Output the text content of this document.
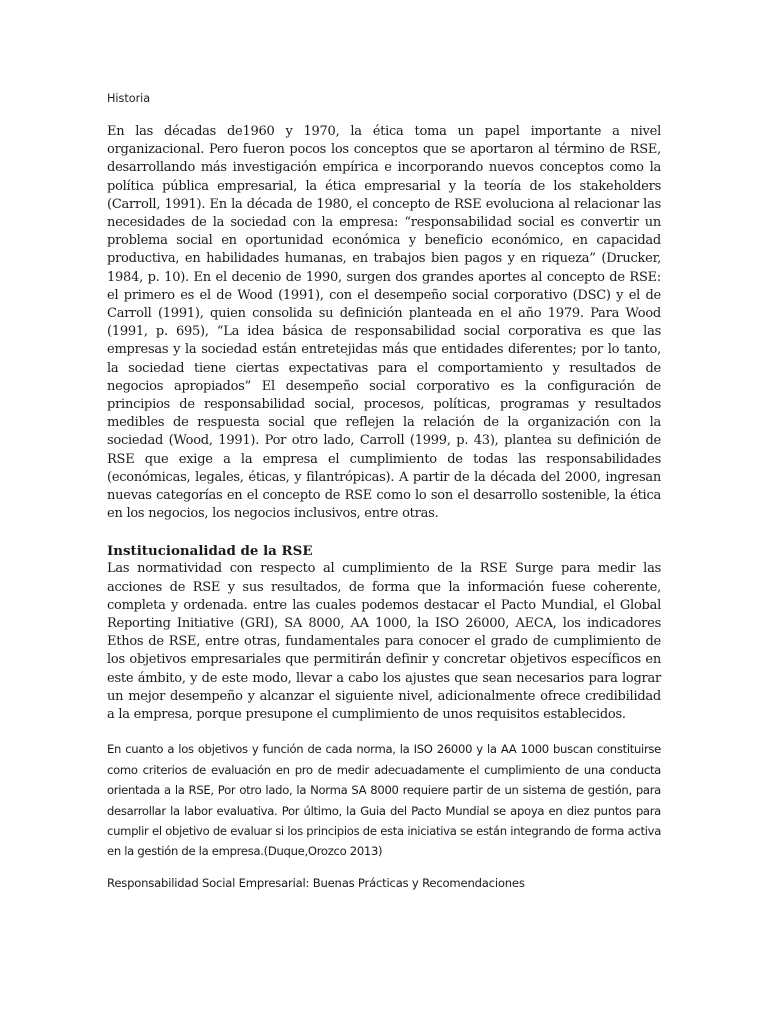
Historia

En las décadas de1960 y 1970, la ética toma un papel importante a nivel organizacional. Pero fueron pocos los conceptos que se aportaron al término de RSE, desarrollando más investigación empírica e incorporando nuevos conceptos como la política pública empresarial, la ética empresarial y la teoría de los stakeholders (Carroll, 1991). En la década de 1980, el concepto de RSE evoluciona al relacionar las necesidades de la sociedad con la empresa: “responsabilidad social es convertir un problema social en oportunidad económica y beneficio económico, en capacidad productiva, en habilidades humanas, en trabajos bien pagos y en riqueza” (Drucker, 1984, p. 10). En el decenio de 1990, surgen dos grandes aportes al concepto de RSE: el primero es el de Wood (1991), con el desempeño social corporativo (DSC) y el de Carroll (1991), quien consolida su definición planteada en el año 1979. Para Wood (1991, p. 695), “La idea básica de responsabilidad social corporativa es que las empresas y la sociedad están entretejidas más que entidades diferentes; por lo tanto, la sociedad tiene ciertas expectativas para el comportamiento y resultados de negocios apropiados” El desempeño social corporativo es la configuración de principios de responsabilidad social, procesos, políticas, programas y resultados medibles de respuesta social que reflejen la relación de la organización con la sociedad (Wood, 1991). Por otro lado, Carroll (1999, p. 43), plantea su definición de RSE que exige a la empresa el cumplimiento de todas las responsabilidades (económicas, legales, éticas, y filantrópicas). A partir de la década del 2000, ingresan nuevas categorías en el concepto de RSE como lo son el desarrollo sostenible, la ética en los negocios, los negocios inclusivos, entre otras.

Institucionalidad de la RSE

Las normatividad con respecto al cumplimiento de la RSE Surge para medir las acciones de RSE y sus resultados, de forma que la información fuese coherente, completa y ordenada. entre las cuales podemos destacar el Pacto Mundial, el Global Reporting Initiative (GRI), SA 8000, AA 1000, la ISO 26000, AECA, los indicadores Ethos de RSE, entre otras, fundamentales para conocer el grado de cumplimiento de los objetivos empresariales que permitirán definir y concretar objetivos específicos en este ámbito, y de este modo, llevar a cabo los ajustes que sean necesarios para lograr un mejor desempeño y alcanzar el siguiente nivel, adicionalmente ofrece credibilidad a la empresa, porque presupone el cumplimiento de unos requisitos establecidos.

En cuanto a los objetivos y función de cada norma, la ISO 26000 y la AA 1000 buscan constituirse como criterios de evaluación en pro de medir adecuadamente el cumplimiento de una conducta orientada a la RSE, Por otro lado, la Norma SA 8000 requiere partir de un sistema de gestión, para desarrollar la labor evaluativa. Por último, la Guia del Pacto Mundial se apoya en diez puntos para cumplir el objetivo de evaluar si los principios de esta iniciativa se están integrando de forma activa en la gestión de la empresa.(Duque,Orozco 2013)

Responsabilidad Social Empresarial: Buenas Prácticas y Recomendaciones
